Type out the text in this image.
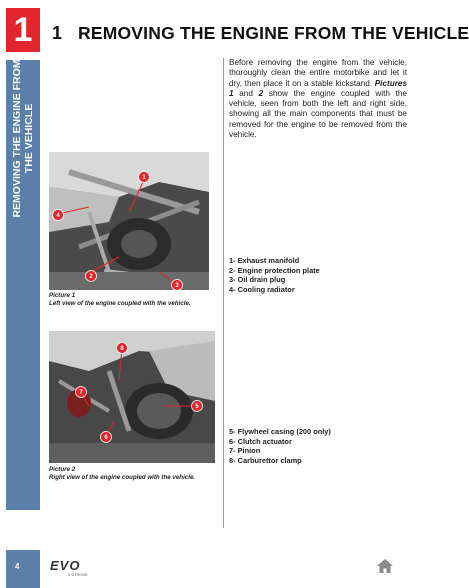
1
REMOVING THE ENGINE FROM THE VEHICLE
4
1 REMOVING THE ENGINE FROM THE VEHICLE
Before removing the engine from the vehicle, thoroughly clean the entire motorbike and let it dry, then place it on a stable kickstand. Pictures 1 and 2 show the engine coupled with the vehicle, seen from both the left and right side, showing all the main components that must be removed for the engine to be removed from the vehicle.
1
2
3
4
Picture 1
Left view of the engine coupled with the vehicle.
1- Exhaust manifold
2- Engine protection plate
3- Oil drain plug
4- Cooling radiator
8
7
5
6
Picture 2
Right view of the engine coupled with the vehicle.
5- Flywheel casing (200 only)
6- Clutch actuator
7- Pinion
8- Carburettor clamp
EVO
2 STROKE
